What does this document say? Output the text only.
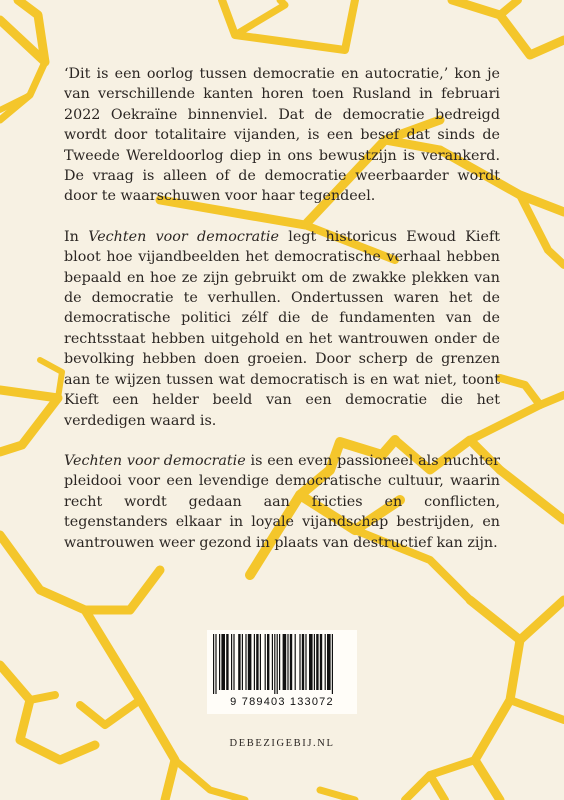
‘Dit is een oorlog tussen democratie en autocratie,’ kon je van verschillende kanten horen toen Rusland in februari 2022 Oekraïne binnenviel. Dat de democratie bedreigd wordt door totalitaire vijanden, is een besef dat sinds de Tweede Wereldoorlog diep in ons bewustzijn is verankerd. De vraag is alleen of de democratie weerbaarder wordt door te waarschuwen voor haar tegendeel.

In Vechten voor democratie legt historicus Ewoud Kieft bloot hoe vijandbeelden het democratische verhaal hebben bepaald en hoe ze zijn gebruikt om de zwakke plekken van de democratie te verhullen. Ondertussen waren het de democratische politici zélf die de fundamenten van de rechtsstaat hebben uitgehold en het wantrouwen onder de bevolking hebben doen groeien. Door scherp de grenzen aan te wijzen tussen wat democratisch is en wat niet, toont Kieft een helder beeld van een democratie die het verdedigen waard is.

Vechten voor democratie is een even passioneel als nuchter pleidooi voor een levendige democratische cultuur, waarin recht wordt gedaan aan fricties en conflicten, tegenstanders elkaar in loyale vijandschap bestrijden, en wantrouwen weer gezond in plaats van destructief kan zijn.

9 789403 133072
DEBEZIGEBIJ.NL
